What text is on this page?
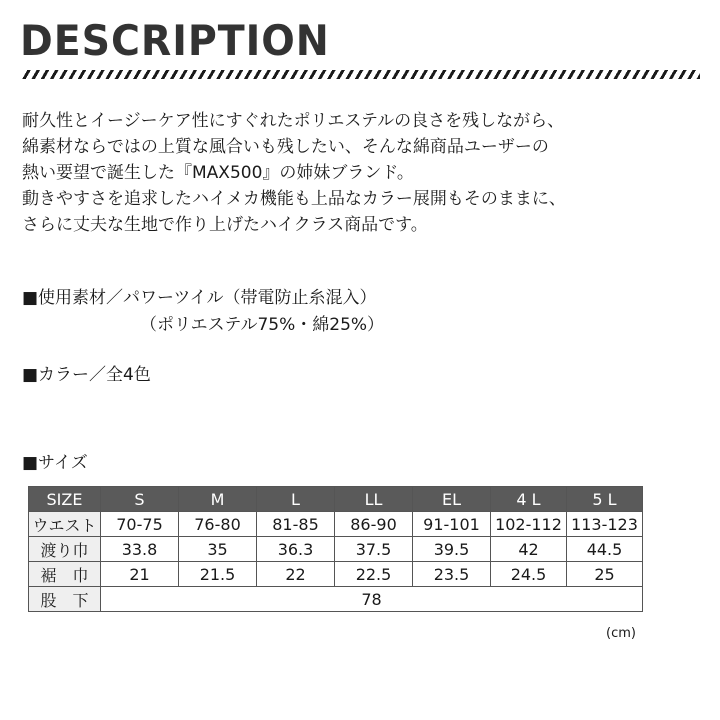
DESCRIPTION
耐久性とイージーケア性にすぐれたポリエステルの良さを残しながら、
綿素材ならではの上質な風合いも残したい、そんな綿商品ユーザーの
熱い要望で誕生した『MAX500』の姉妹ブランド。
動きやすさを追求したハイメカ機能も上品なカラー展開もそのままに、
さらに丈夫な生地で作り上げたハイクラス商品です。
■使用素材／パワーツイル（帯電防止糸混入）
（ポリエステル75%・綿25%）
■カラー／全4色
■サイズ
SIZE	S	M	L	LL	EL	4 L	5 L
ウエスト	70-75	76-80	81-85	86-90	91-101	102-112	113-123
渡り巾	33.8	35	36.3	37.5	39.5	42	44.5
裾　巾	21	21.5	22	22.5	23.5	24.5	25
股　下	78						
(cm)
